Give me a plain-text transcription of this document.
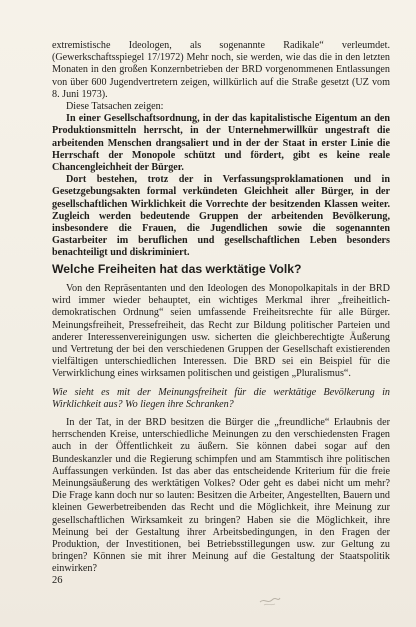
extremistische Ideologen, als sogenannte Radikale“ verleumdet. (Gewerkschaftsspiegel 17/1972) Mehr noch, sie werden, wie das die in den letzten Monaten in den großen Konzernbetrieben der BRD vorgenommenen Entlassungen von über 600 Jugendvertretern zeigen, willkürlich auf die Straße gesetzt (UZ vom 8. Juni 1973).

Diese Tatsachen zeigen:

In einer Gesellschaftsordnung, in der das kapitalistische Eigentum an den Produktionsmitteln herrscht, in der Unternehmerwillkür ungestraft die arbeitenden Menschen drangsaliert und in der der Staat in erster Linie die Herrschaft der Monopole schützt und fördert, gibt es keine reale Chancengleichheit der Bürger.

Dort bestehen, trotz der in Verfassungsproklamationen und in Gesetzgebungsakten formal verkündeten Gleichheit aller Bürger, in der gesellschaftlichen Wirklichkeit die Vorrechte der besitzenden Klassen weiter. Zugleich werden bedeutende Gruppen der arbeitenden Bevölkerung, insbesondere die Frauen, die Jugendlichen sowie die sogenannten Gastarbeiter im beruflichen und gesellschaftlichen Leben besonders benachteiligt und diskriminiert.

Welche Freiheiten hat das werktätige Volk?

Von den Repräsentanten und den Ideologen des Monopolkapitals in der BRD wird immer wieder behauptet, ein wichtiges Merkmal ihrer „freiheitlich-demokratischen Ordnung“ seien umfassende Freiheitsrechte für alle Bürger. Meinungsfreiheit, Pressefreiheit, das Recht zur Bildung politischer Parteien und anderer Interessenvereinigungen usw. sicherten die gleichberechtigte Äußerung und Vertretung der bei den verschiedenen Gruppen der Gesellschaft existierenden vielfältigen unterschiedlichen Interessen. Die BRD sei ein Beispiel für die Verwirklichung eines wirksamen politischen und geistigen „Pluralismus“.

Wie sieht es mit der Meinungsfreiheit für die werktätige Bevölkerung in Wirklichkeit aus? Wo liegen ihre Schranken?

In der Tat, in der BRD besitzen die Bürger die „freundliche“ Erlaubnis der herrschenden Kreise, unterschiedliche Meinungen zu den verschiedensten Fragen auch in der Öffentlichkeit zu äußern. Sie können dabei sogar auf den Bundeskanzler und die Regierung schimpfen und am Stammtisch ihre politischen Auffassungen verkünden. Ist das aber das entscheidende Kriterium für die freie Meinungsäußerung des werktätigen Volkes? Oder geht es dabei nicht um mehr? Die Frage kann doch nur so lauten: Besitzen die Arbeiter, Angestellten, Bauern und kleinen Gewerbetreibenden das Recht und die Möglichkeit, ihre Meinung zur gesellschaftlichen Wirksamkeit zu bringen? Haben sie die Möglichkeit, ihre Meinung bei der Gestaltung ihrer Arbeitsbedingungen, in den Fragen der Produktion, der Investitionen, bei Betriebsstillegungen usw. zur Geltung zu bringen? Können sie mit ihrer Meinung auf die Gestaltung der Staatspolitik einwirken?

26
